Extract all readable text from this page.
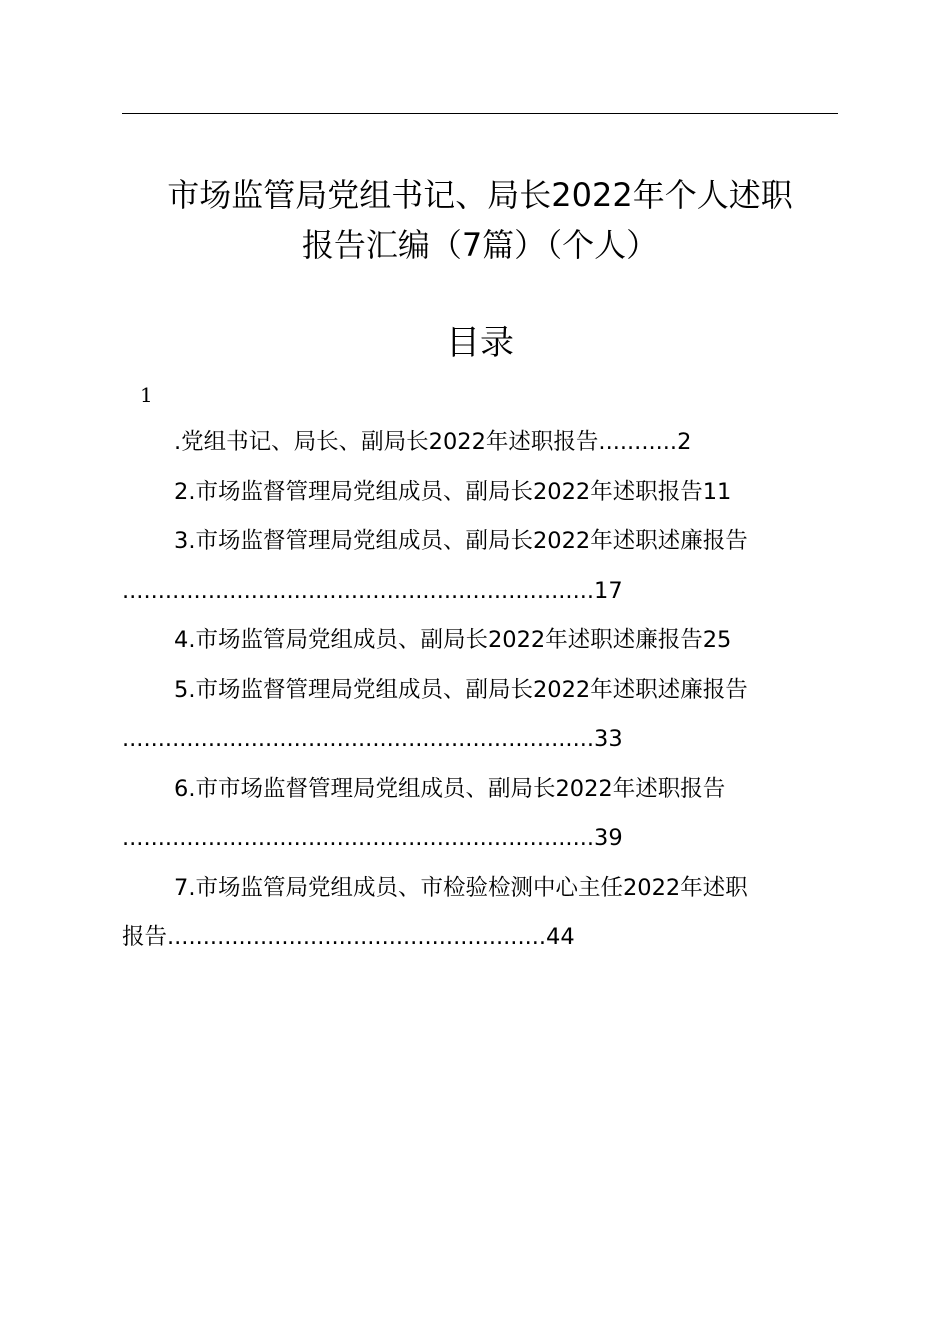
市场监管局党组书记、局长2022年个人述职
报告汇编（7篇）（个人）
目录
1
.党组书记、局长、副局长2022年述职报告...........2
2.市场监督管理局党组成员、副局长2022年述职报告11
3.市场监督管理局党组成员、副局长2022年述职述廉报告
..................................................................17
4.市场监管局党组成员、副局长2022年述职述廉报告25
5.市场监督管理局党组成员、副局长2022年述职述廉报告
..................................................................33
6.市市场监督管理局党组成员、副局长2022年述职报告
..................................................................39
7.市场监管局党组成员、市检验检测中心主任2022年述职
报告.....................................................44
